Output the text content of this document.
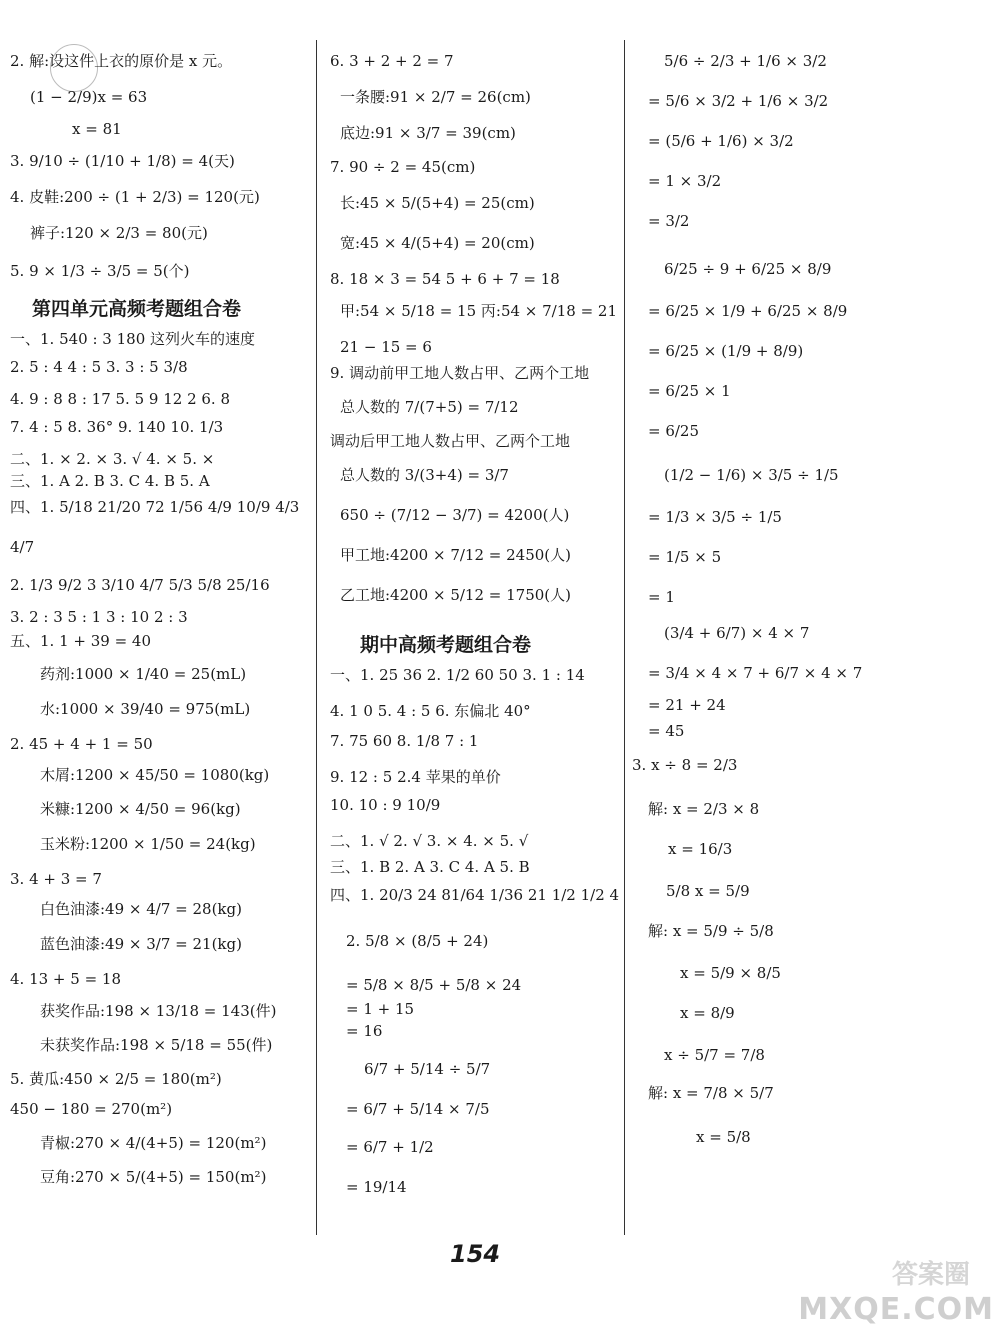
2. 解:设这件上衣的原价是 x 元。
(1 − 2/9)x = 63
x = 81
3. 9/10 ÷ (1/10 + 1/8) = 4(天)
4. 皮鞋:200 ÷ (1 + 2/3) = 120(元)
裤子:120 × 2/3 = 80(元)
5. 9 × 1/3 ÷ 3/5 = 5(个)
一、1. 540 : 3 180 这列火车的速度
2. 5 : 4 4 : 5 3. 3 : 5 3/8
4. 9 : 8 8 : 17 5. 5 9 12 2 6. 8
7. 4 : 5 8. 36° 9. 140 10. 1/3
二、1. × 2. × 3. √ 4. × 5. ×
三、1. A 2. B 3. C 4. B 5. A
四、1. 5/18 21/20 72 1/56 4/9 10/9 4/3
4/7
2. 1/3 9/2 3 3/10 4/7 5/3 5/8 25/16
3. 2 : 3 5 : 1 3 : 10 2 : 3
五、1. 1 + 39 = 40
药剂:1000 × 1/40 = 25(mL)
水:1000 × 39/40 = 975(mL)
2. 45 + 4 + 1 = 50
木屑:1200 × 45/50 = 1080(kg)
米糠:1200 × 4/50 = 96(kg)
玉米粉:1200 × 1/50 = 24(kg)
3. 4 + 3 = 7
白色油漆:49 × 4/7 = 28(kg)
蓝色油漆:49 × 3/7 = 21(kg)
4. 13 + 5 = 18
获奖作品:198 × 13/18 = 143(件)
未获奖作品:198 × 5/18 = 55(件)
5. 黄瓜:450 × 2/5 = 180(m²)
450 − 180 = 270(m²)
青椒:270 × 4/(4+5) = 120(m²)
豆角:270 × 5/(4+5) = 150(m²)
第四单元高频考题组合卷
6. 3 + 2 + 2 = 7
一条腰:91 × 2/7 = 26(cm)
底边:91 × 3/7 = 39(cm)
7. 90 ÷ 2 = 45(cm)
长:45 × 5/(5+4) = 25(cm)
宽:45 × 4/(5+4) = 20(cm)
8. 18 × 3 = 54 5 + 6 + 7 = 18
甲:54 × 5/18 = 15 丙:54 × 7/18 = 21
21 − 15 = 6
9. 调动前甲工地人数占甲、乙两个工地
总人数的 7/(7+5) = 7/12
调动后甲工地人数占甲、乙两个工地
总人数的 3/(3+4) = 3/7
650 ÷ (7/12 − 3/7) = 4200(人)
甲工地:4200 × 7/12 = 2450(人)
乙工地:4200 × 5/12 = 1750(人)
一、1. 25 36 2. 1/2 60 50 3. 1 : 14
4. 1 0 5. 4 : 5 6. 东偏北 40°
7. 75 60 8. 1/8 7 : 1
9. 12 : 5 2.4 苹果的单价
10. 10 : 9 10/9
二、1. √ 2. √ 3. × 4. × 5. √
三、1. B 2. A 3. C 4. A 5. B
四、1. 20/3 24 81/64 1/36 21 1/2 1/2 4
2. 5/8 × (8/5 + 24)
= 5/8 × 8/5 + 5/8 × 24
= 1 + 15
= 16
6/7 + 5/14 ÷ 5/7
= 6/7 + 5/14 × 7/5
= 6/7 + 1/2
= 19/14
期中高频考题组合卷
5/6 ÷ 2/3 + 1/6 × 3/2
= 5/6 × 3/2 + 1/6 × 3/2
= (5/6 + 1/6) × 3/2
= 1 × 3/2
= 3/2
6/25 ÷ 9 + 6/25 × 8/9
= 6/25 × 1/9 + 6/25 × 8/9
= 6/25 × (1/9 + 8/9)
= 6/25 × 1
= 6/25
(1/2 − 1/6) × 3/5 ÷ 1/5
= 1/3 × 3/5 ÷ 1/5
= 1/5 × 5
= 1
(3/4 + 6/7) × 4 × 7
= 3/4 × 4 × 7 + 6/7 × 4 × 7
= 21 + 24
= 45
3. x ÷ 8 = 2/3
解: x = 2/3 × 8
x = 16/3
5/8 x = 5/9
解: x = 5/9 ÷ 5/8
x = 5/9 × 8/5
x = 8/9
x ÷ 5/7 = 7/8
解: x = 7/8 × 5/7
x = 5/8
154
答案圈
MXQE.COM
